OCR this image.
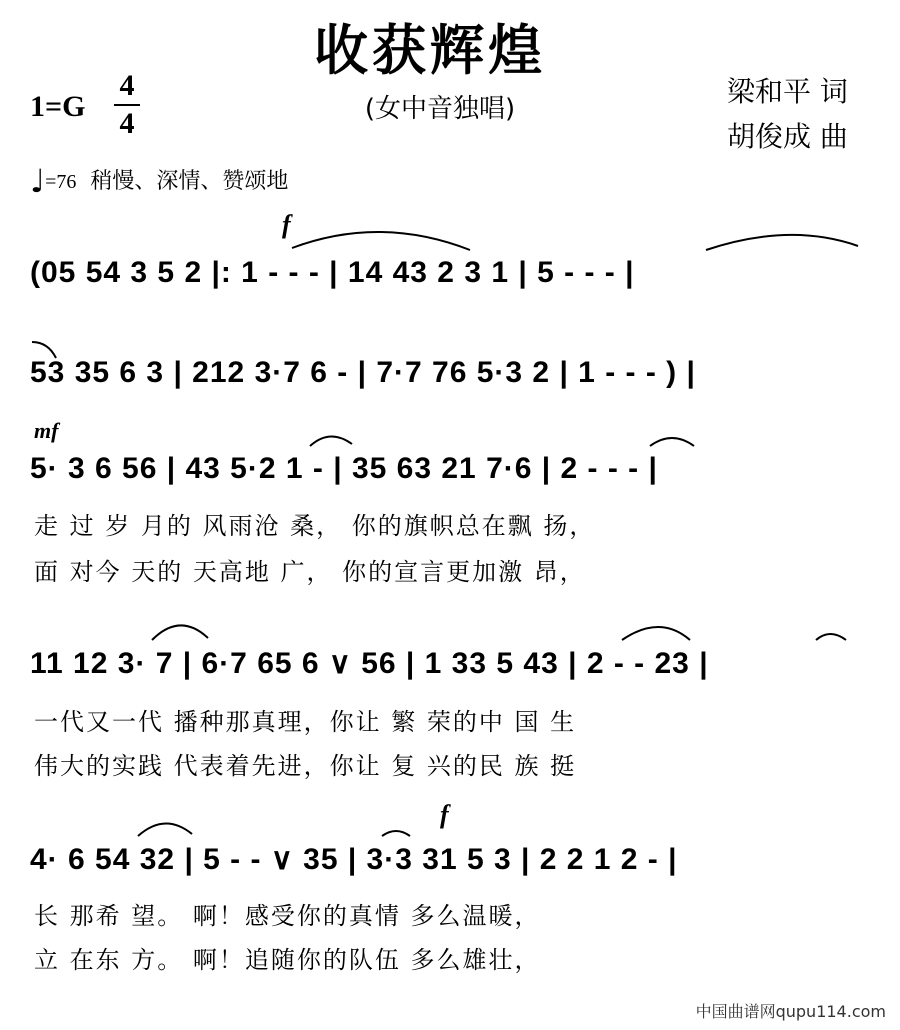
收获辉煌
(女中音独唱)
1=G
4
4
梁和平 词
胡俊成 曲
♩=76 稍慢、深情、赞颂地
f
mf
f
(05 54 3 5 2 |: 1 - - - | 14 43 2 3 1 | 5 - - - |
53 35 6 3 | 212 3·7 6 - | 7·7 76 5·3 2 | 1 - - - ) |
5· 3 6 56 | 43 5·2 1 - | 35 63 21 7·6 | 2 - - - |
走 过 岁 月的 风雨沧 桑， 你的旗帜总在飘 扬，
面 对今 天的 天高地 广， 你的宣言更加激 昂，
11 12 3· 7 | 6·7 65 6 ∨ 56 | 1 33 5 43 | 2 - - 23 |
一代又一代 播种那真理，你让 繁 荣的中 国 生
伟大的实践 代表着先进，你让 复 兴的民 族 挺
4· 6 54 32 | 5 - - ∨ 35 | 3·3 31 5 3 | 2 2 1 2 - |
长 那希 望。 啊！感受你的真情 多么温暖，
立 在东 方。 啊！追随你的队伍 多么雄壮，
中国曲谱网qupu114.com
